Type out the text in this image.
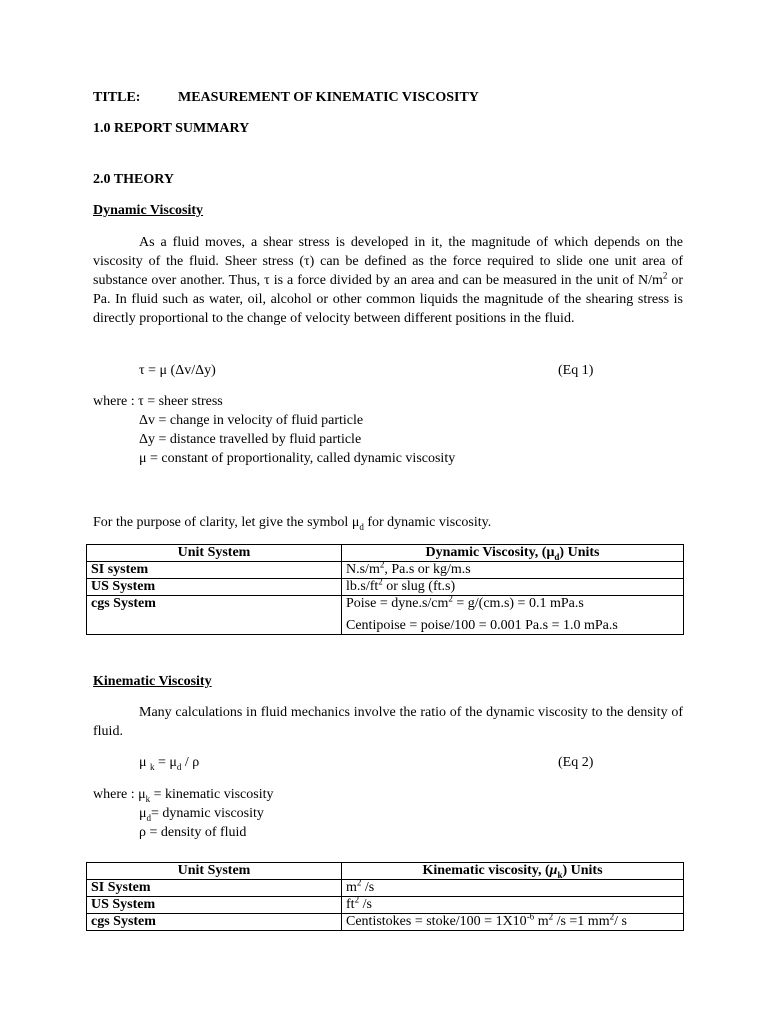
TITLE:	MEASUREMENT OF KINEMATIC VISCOSITY
1.0 REPORT SUMMARY
2.0 THEORY
Dynamic Viscosity

As a fluid moves, a shear stress is developed in it, the magnitude of which depends on the viscosity of the fluid. Sheer stress (τ) can be defined as the force required to slide one unit area of substance over another. Thus, τ is a force divided by an area and can be measured in the unit of $N/m^2$ or Pa. In fluid such as water, oil, alcohol or other common liquids the magnitude of the shearing stress is directly proportional to the change of velocity between different positions in the fluid.

τ = μ (Δv/Δy)	(Eq 1)
where : τ = sheer stress
Δv = change in velocity of fluid particle
Δy = distance travelled by fluid particle
μ = constant of proportionality, called dynamic viscosity
For the purpose of clarity, let give the symbol $\mu_d$ for dynamic viscosity.
Unit System	Dynamic Viscosity, $(\mu_d)$ Units
SI system	$N.s/m^2$, Pa.s or kg/m.s
US System	$lb.s/ft^2$ or slug (ft.s)
cgs System	Poise = $dyne.s/cm^2 = g/(cm.s) = 0.1$ mPa.s
Centipoise = poise/100 = 0.001 Pa.s = 1.0 mPa.s
Kinematic Viscosity

Many calculations in fluid mechanics involve the ratio of the dynamic viscosity to the density of fluid.

μ $_k = \mu_d / \rho$	(Eq 2)
where : $\mu_k$ = kinematic viscosity
$\mu_d=$ dynamic viscosity
ρ = density of fluid
Unit System	Kinematic viscosity, $(\mu_k)$ Units
SI System	$m^2$ /s
US System	$ft^2$ /s
cgs System	Centistokes = stoke/100 = $1X10^{-6}$ $m^2$ /s =1 $mm^2/$ s
